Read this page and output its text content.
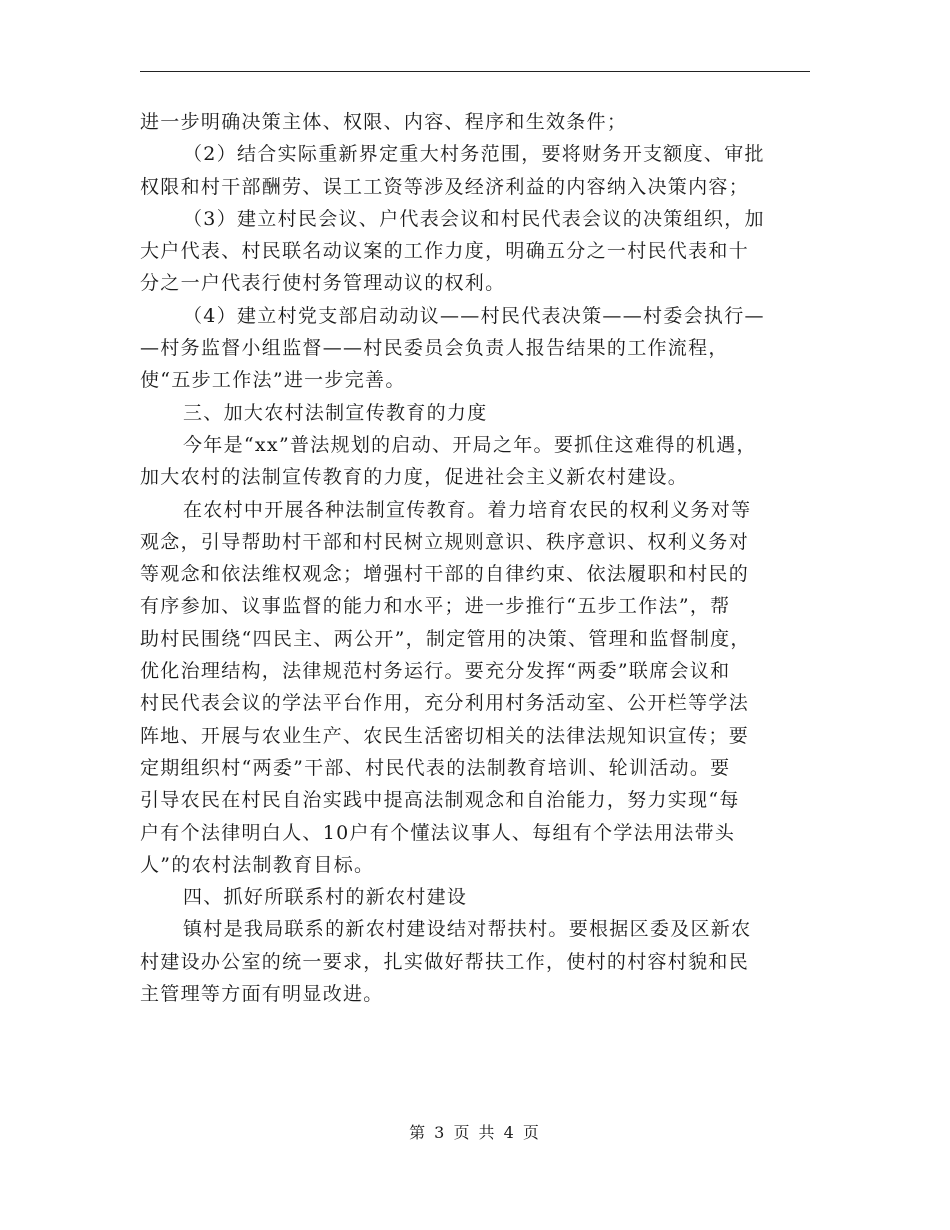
进一步明确决策主体、权限、内容、程序和生效条件；
（2）结合实际重新界定重大村务范围，要将财务开支额度、审批
权限和村干部酬劳、误工工资等涉及经济利益的内容纳入决策内容；
（3）建立村民会议、户代表会议和村民代表会议的决策组织，加
大户代表、村民联名动议案的工作力度，明确五分之一村民代表和十
分之一户代表行使村务管理动议的权利。
（4）建立村党支部启动动议——村民代表决策——村委会执行—
—村务监督小组监督——村民委员会负责人报告结果的工作流程，
使“五步工作法”进一步完善。
三、加大农村法制宣传教育的力度
今年是“xx”普法规划的启动、开局之年。要抓住这难得的机遇，
加大农村的法制宣传教育的力度，促进社会主义新农村建设。
在农村中开展各种法制宣传教育。着力培育农民的权利义务对等
观念，引导帮助村干部和村民树立规则意识、秩序意识、权利义务对
等观念和依法维权观念；增强村干部的自律约束、依法履职和村民的
有序参加、议事监督的能力和水平；进一步推行“五步工作法”，帮
助村民围绕“四民主、两公开”，制定管用的决策、管理和监督制度，
优化治理结构，法律规范村务运行。要充分发挥“两委”联席会议和
村民代表会议的学法平台作用，充分利用村务活动室、公开栏等学法
阵地、开展与农业生产、农民生活密切相关的法律法规知识宣传；要
定期组织村“两委”干部、村民代表的法制教育培训、轮训活动。要
引导农民在村民自治实践中提高法制观念和自治能力，努力实现“每
户有个法律明白人、10户有个懂法议事人、每组有个学法用法带头
人”的农村法制教育目标。
四、抓好所联系村的新农村建设
镇村是我局联系的新农村建设结对帮扶村。要根据区委及区新农
村建设办公室的统一要求，扎实做好帮扶工作，使村的村容村貌和民
主管理等方面有明显改进。
第 3 页 共 4 页
